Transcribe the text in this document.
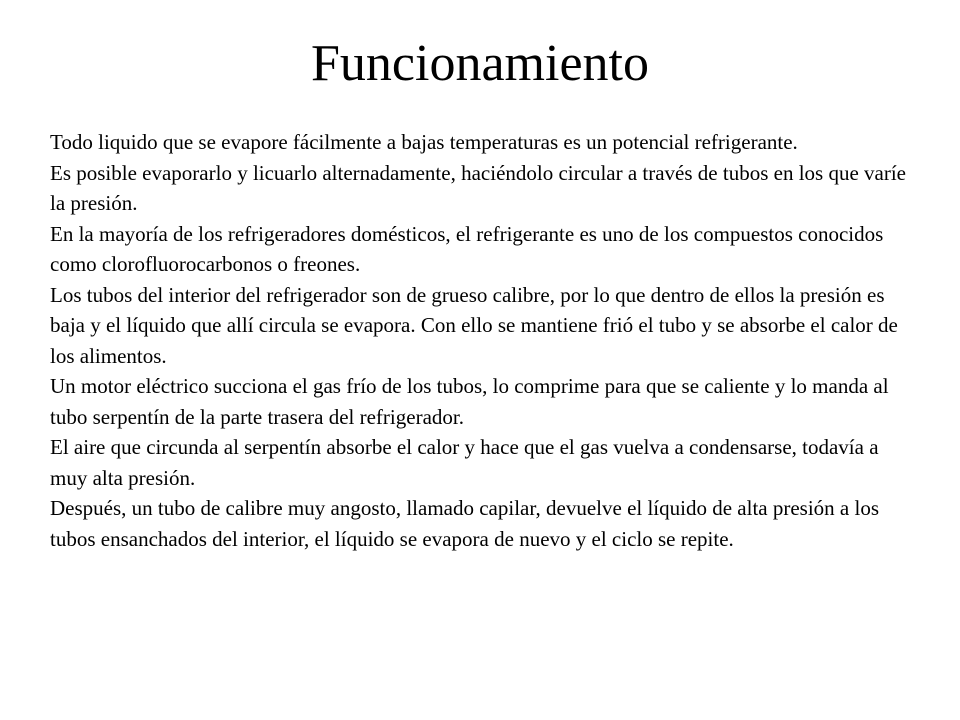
Funcionamiento

Todo liquido que se evapore fácilmente a bajas temperaturas es un potencial refrigerante.

Es posible evaporarlo y licuarlo alternadamente, haciéndolo circular a través de tubos en los que varíe la presión.

En la mayoría de los refrigeradores domésticos, el refrigerante es uno de los compuestos conocidos como clorofluorocarbonos o freones.

Los tubos del interior del refrigerador son de grueso calibre, por lo que dentro de ellos la presión es baja y el líquido que allí circula se evapora. Con ello se mantiene frió el tubo y se absorbe el calor de los alimentos.

Un motor eléctrico succiona el gas frío de los tubos, lo comprime para que se caliente y lo manda al tubo serpentín de la parte trasera del refrigerador.

El aire que circunda al serpentín absorbe el calor y hace que el gas vuelva a condensarse, todavía a muy alta presión.

Después, un tubo de calibre muy angosto, llamado capilar, devuelve el líquido de alta presión a los tubos ensanchados del interior, el líquido se evapora de nuevo y el ciclo se repite.
